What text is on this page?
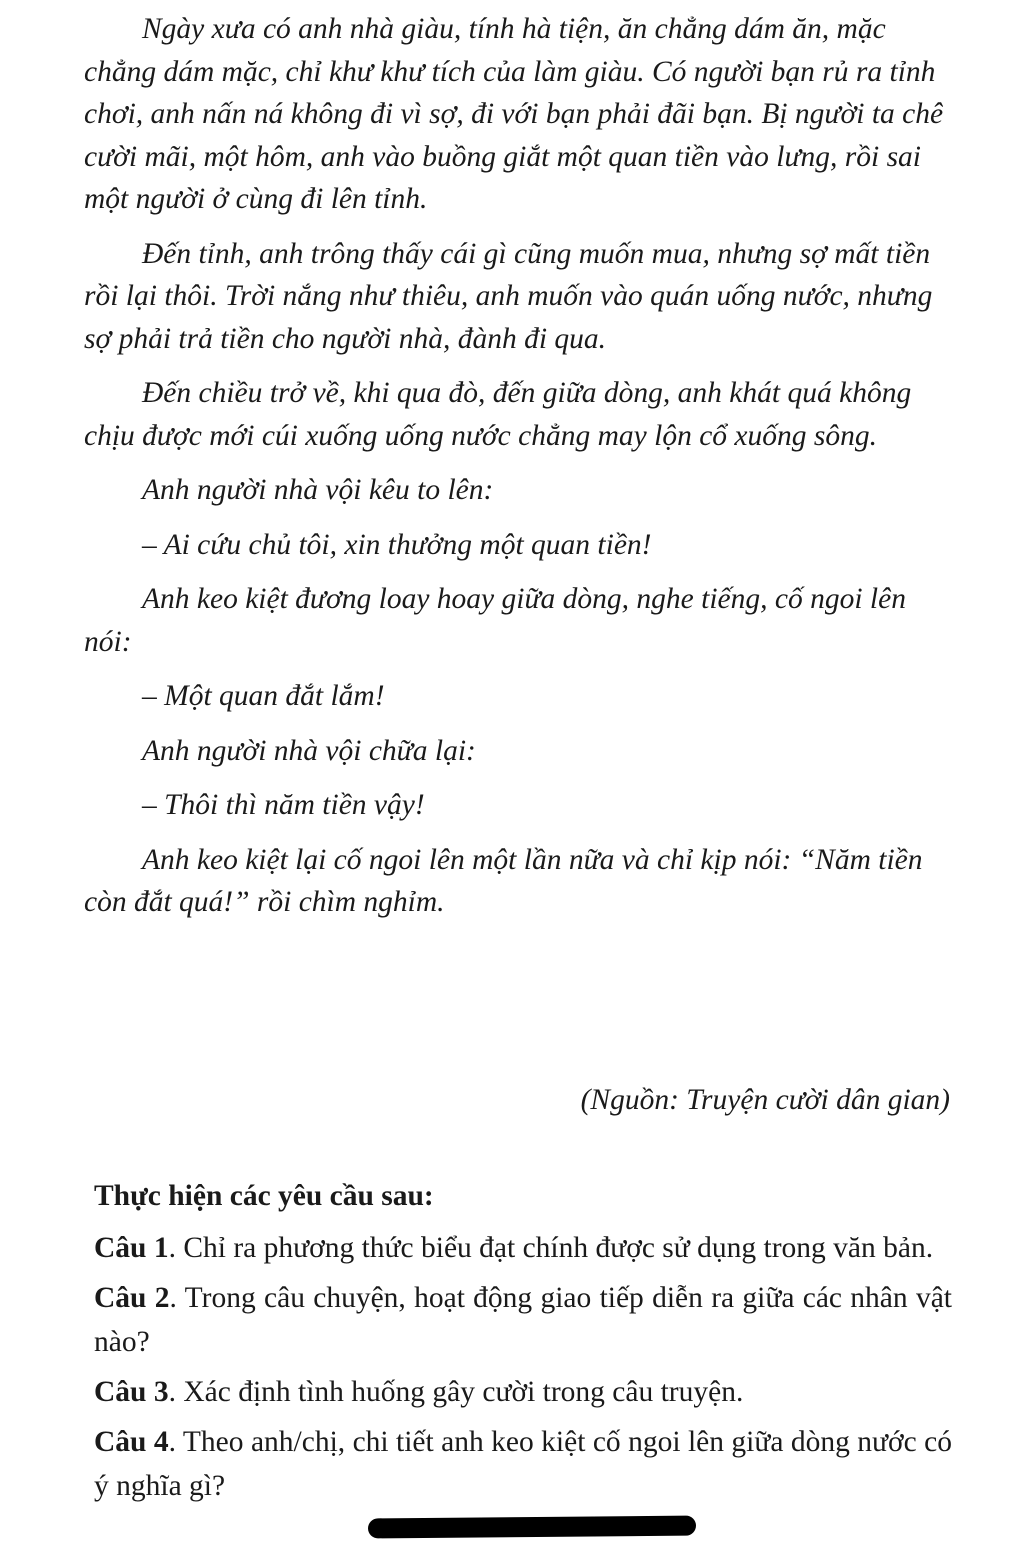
Ngày xưa có anh nhà giàu, tính hà tiện, ăn chẳng dám ăn, mặc chẳng dám mặc, chỉ khư khư tích của làm giàu. Có người bạn rủ ra tỉnh chơi, anh nấn ná không đi vì sợ, đi với bạn phải đãi bạn. Bị người ta chê cười mãi, một hôm, anh vào buồng giắt một quan tiền vào lưng, rồi sai một người ở cùng đi lên tỉnh.

Đến tỉnh, anh trông thấy cái gì cũng muốn mua, nhưng sợ mất tiền rồi lại thôi. Trời nắng như thiêu, anh muốn vào quán uống nước, nhưng sợ phải trả tiền cho người nhà, đành đi qua.

Đến chiều trở về, khi qua đò, đến giữa dòng, anh khát quá không chịu được mới cúi xuống uống nước chẳng may lộn cổ xuống sông.

Anh người nhà vội kêu to lên:

– Ai cứu chủ tôi, xin thưởng một quan tiền!

Anh keo kiệt đương loay hoay giữa dòng, nghe tiếng, cố ngoi lên nói:

– Một quan đắt lắm!

Anh người nhà vội chữa lại:

– Thôi thì năm tiền vậy!

Anh keo kiệt lại cố ngoi lên một lần nữa và chỉ kịp nói: “Năm tiền còn đắt quá!” rồi chìm nghỉm.

(Nguồn: Truyện cười dân gian)

Thực hiện các yêu cầu sau:

Câu 1. Chỉ ra phương thức biểu đạt chính được sử dụng trong văn bản.

Câu 2. Trong câu chuyện, hoạt động giao tiếp diễn ra giữa các nhân vật nào?

Câu 3. Xác định tình huống gây cười trong câu truyện.

Câu 4. Theo anh/chị, chi tiết anh keo kiệt cố ngoi lên giữa dòng nước có ý nghĩa gì?
